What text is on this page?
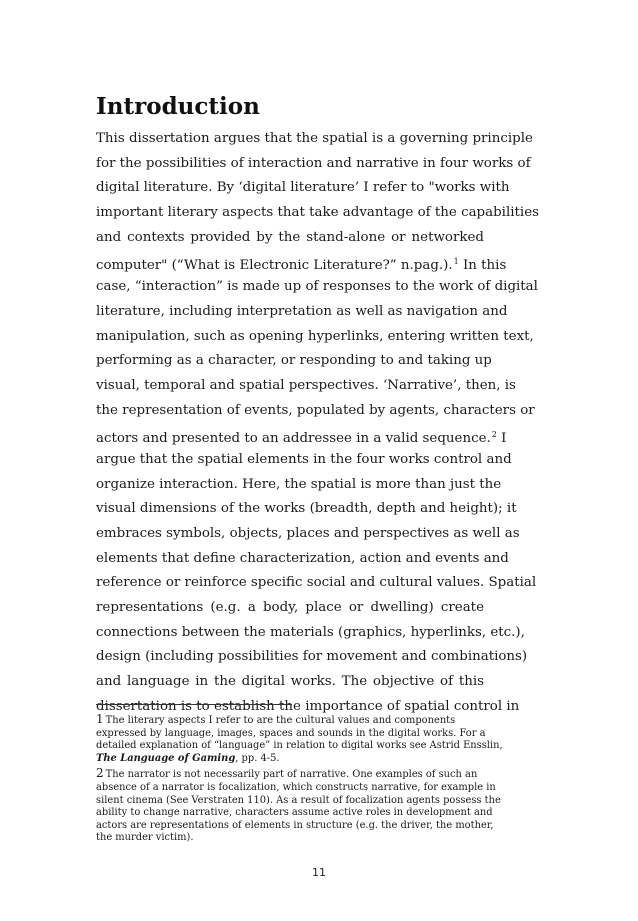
Introduction
This dissertation argues that the spatial is a governing principle
for the possibilities of interaction and narrative in four works of
digital literature. By ‘digital literature’ I refer to "works with
important literary aspects that take advantage of the capabilities
and contexts provided by the stand-alone or networked
computer" (“What is Electronic Literature?” n.pag.).$^1$ In this
case, “interaction” is made up of responses to the work of digital
literature, including interpretation as well as navigation and
manipulation, such as opening hyperlinks, entering written text,
performing as a character, or responding to and taking up
visual, temporal and spatial perspectives. ‘Narrative’, then, is
the representation of events, populated by agents, characters or
actors and presented to an addressee in a valid sequence.$^2$ I
argue that the spatial elements in the four works control and
organize interaction. Here, the spatial is more than just the
visual dimensions of the works (breadth, depth and height); it
embraces symbols, objects, places and perspectives as well as
elements that define characterization, action and events and
reference or reinforce specific social and cultural values. Spatial
representations (e.g. a body, place or dwelling) create
connections between the materials (graphics, hyperlinks, etc.),
design (including possibilities for movement and combinations)
and language in the digital works. The objective of this
dissertation is to establish the importance of spatial control in
1 The literary aspects I refer to are the cultural values and components
expressed by language, images, spaces and sounds in the digital works. For a
detailed explanation of “language” in relation to digital works see Astrid Ensslin,
The Language of Gaming, pp. 4-5.
2 The narrator is not necessarily part of narrative. One examples of such an
absence of a narrator is focalization, which constructs narrative, for example in
silent cinema (See Verstraten 110). As a result of focalization agents possess the
ability to change narrative, characters assume active roles in development and
actors are representations of elements in structure (e.g. the driver, the mother,
the murder victim).
11
